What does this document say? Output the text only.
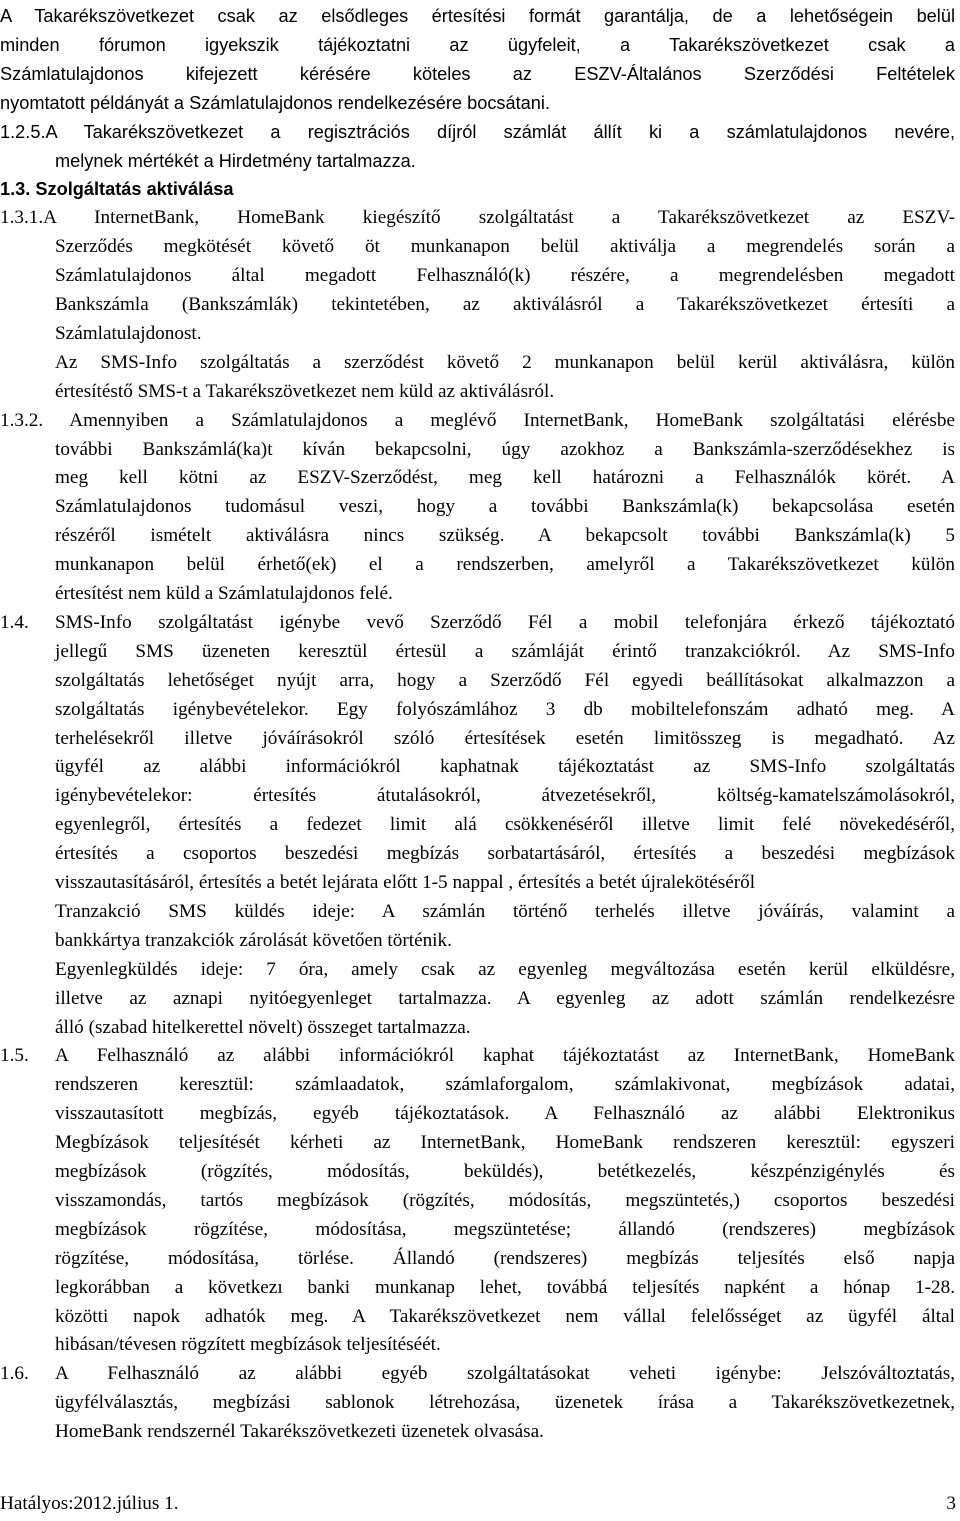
A Takarékszövetkezet csak az elsődleges értesítési formát garantálja, de a lehetőségein belül
minden fórumon igyekszik tájékoztatni az ügyfeleit, a Takarékszövetkezet csak a
Számlatulajdonos kifejezett kérésére köteles az ESZV-Általános Szerződési Feltételek
nyomtatott példányát a Számlatulajdonos rendelkezésére bocsátani.
1.2.5.A Takarékszövetkezet a regisztrációs díjról számlát állít ki a számlatulajdonos nevére,
melynek mértékét a Hirdetmény tartalmazza.
1.3. Szolgáltatás aktiválása
1.3.1.A InternetBank, HomeBank kiegészítő szolgáltatást a Takarékszövetkezet az ESZV-
Szerződés megkötését követő öt munkanapon belül aktiválja a megrendelés során a
Számlatulajdonos által megadott Felhasználó(k) részére, a megrendelésben megadott
Bankszámla (Bankszámlák) tekintetében, az aktiválásról a Takarékszövetkezet értesíti a
Számlatulajdonost.
Az SMS-Info szolgáltatás a szerződést követő 2 munkanapon belül kerül aktiválásra, külön
értesítéstő SMS-t a Takarékszövetkezet nem küld az aktiválásról.
1.3.2. Amennyiben a Számlatulajdonos a meglévő InternetBank, HomeBank szolgáltatási elérésbe
további Bankszámlá(ka)t kíván bekapcsolni, úgy azokhoz a Bankszámla-szerződésekhez is
meg kell kötni az ESZV-Szerződést, meg kell határozni a Felhasználók körét. A
Számlatulajdonos tudomásul veszi, hogy a további Bankszámla(k) bekapcsolása esetén
részéről ismételt aktiválásra nincs szükség. A bekapcsolt további Bankszámla(k) 5
munkanapon belül érhető(ek) el a rendszerben, amelyről a Takarékszövetkezet külön
értesítést nem küld a Számlatulajdonos felé.
1.4. SMS-Info szolgáltatást igénybe vevő Szerződő Fél a mobil telefonjára érkező tájékoztató
jellegű SMS üzeneten keresztül értesül a számláját érintő tranzakciókról. Az SMS-Info
szolgáltatás lehetőséget nyújt arra, hogy a Szerződő Fél egyedi beállításokat alkalmazzon a
szolgáltatás igénybevételekor. Egy folyószámlához 3 db mobiltelefonszám adható meg. A
terhelésekről illetve jóváírásokról szóló értesítések esetén limitösszeg is megadható. Az
ügyfél az alábbi információkról kaphatnak tájékoztatást az SMS-Info szolgáltatás
igénybevételekor: értesítés átutalásokról, átvezetésekről, költség-kamatelszámolásokról,
egyenlegről, értesítés a fedezet limit alá csökkenéséről illetve limit felé növekedéséről,
értesítés a csoportos beszedési megbízás sorbatartásáról, értesítés a beszedési megbízások
visszautasításáról, értesítés a betét lejárata előtt 1-5 nappal , értesítés a betét újralekötéséről
Tranzakció SMS küldés ideje: A számlán történő terhelés illetve jóváírás, valamint a
bankkártya tranzakciók zárolását követően történik.
Egyenlegküldés ideje: 7 óra, amely csak az egyenleg megváltozása esetén kerül elküldésre,
illetve az aznapi nyitóegyenleget tartalmazza. A egyenleg az adott számlán rendelkezésre
álló (szabad hitelkerettel növelt) összeget tartalmazza.
1.5. A Felhasználó az alábbi információkról kaphat tájékoztatást az InternetBank, HomeBank
rendszeren keresztül: számlaadatok, számlaforgalom, számlakivonat, megbízások adatai,
visszautasított megbízás, egyéb tájékoztatások. A Felhasználó az alábbi Elektronikus
Megbízások teljesítését kérheti az InternetBank, HomeBank rendszeren keresztül: egyszeri
megbízások (rögzítés, módosítás, beküldés), betétkezelés, készpénzigénylés és
visszamondás, tartós megbízások (rögzítés, módosítás, megszüntetés,) csoportos beszedési
megbízások rögzítése, módosítása, megszüntetése; állandó (rendszeres) megbízások
rögzítése, módosítása, törlése. Állandó (rendszeres) megbízás teljesítés első napja
legkorábban a következı banki munkanap lehet, továbbá teljesítés napként a hónap 1-28.
közötti napok adhatók meg. A Takarékszövetkezet nem vállal felelősséget az ügyfél által
hibásan/tévesen rögzített megbízások teljesítéséét.
1.6. A Felhasználó az alábbi egyéb szolgáltatásokat veheti igénybe: Jelszóváltoztatás,
ügyfélválasztás, megbízási sablonok létrehozása, üzenetek írása a Takarékszövetkezetnek,
HomeBank rendszernél Takarékszövetkezeti üzenetek olvasása.
Hatályos:2012.július 1.	3
